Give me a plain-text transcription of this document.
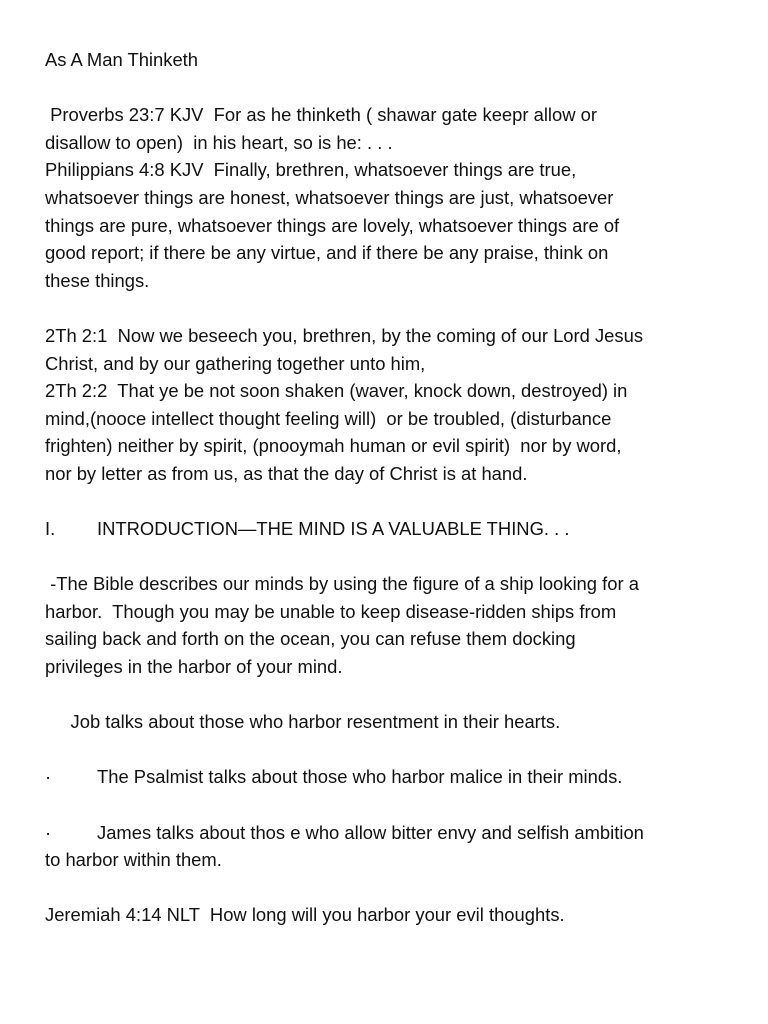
As A Man Thinketh
Proverbs 23:7 KJV  For as he thinketh ( shawar gate keepr allow or
disallow to open)  in his heart, so is he: . . .
Philippians 4:8 KJV  Finally, brethren, whatsoever things are true,
whatsoever things are honest, whatsoever things are just, whatsoever
things are pure, whatsoever things are lovely, whatsoever things are of
good report; if there be any virtue, and if there be any praise, think on
these things.
2Th 2:1  Now we beseech you, brethren, by the coming of our Lord Jesus
Christ, and by our gathering together unto him,
2Th 2:2  That ye be not soon shaken (waver, knock down, destroyed) in
mind,(nooce intellect thought feeling will)  or be troubled, (disturbance
frighten) neither by spirit, (pnooymah human or evil spirit)  nor by word,
nor by letter as from us, as that the day of Christ is at hand.
I. INTRODUCTION—THE MIND IS A VALUABLE THING. . .
-The Bible describes our minds by using the figure of a ship looking for a
harbor.  Though you may be unable to keep disease-ridden ships from
sailing back and forth on the ocean, you can refuse them docking
privileges in the harbor of your mind.
Job talks about those who harbor resentment in their hearts.
· The Psalmist talks about those who harbor malice in their minds.
· James talks about thos e who allow bitter envy and selfish ambition
to harbor within them.
Jeremiah 4:14 NLT  How long will you harbor your evil thoughts.
